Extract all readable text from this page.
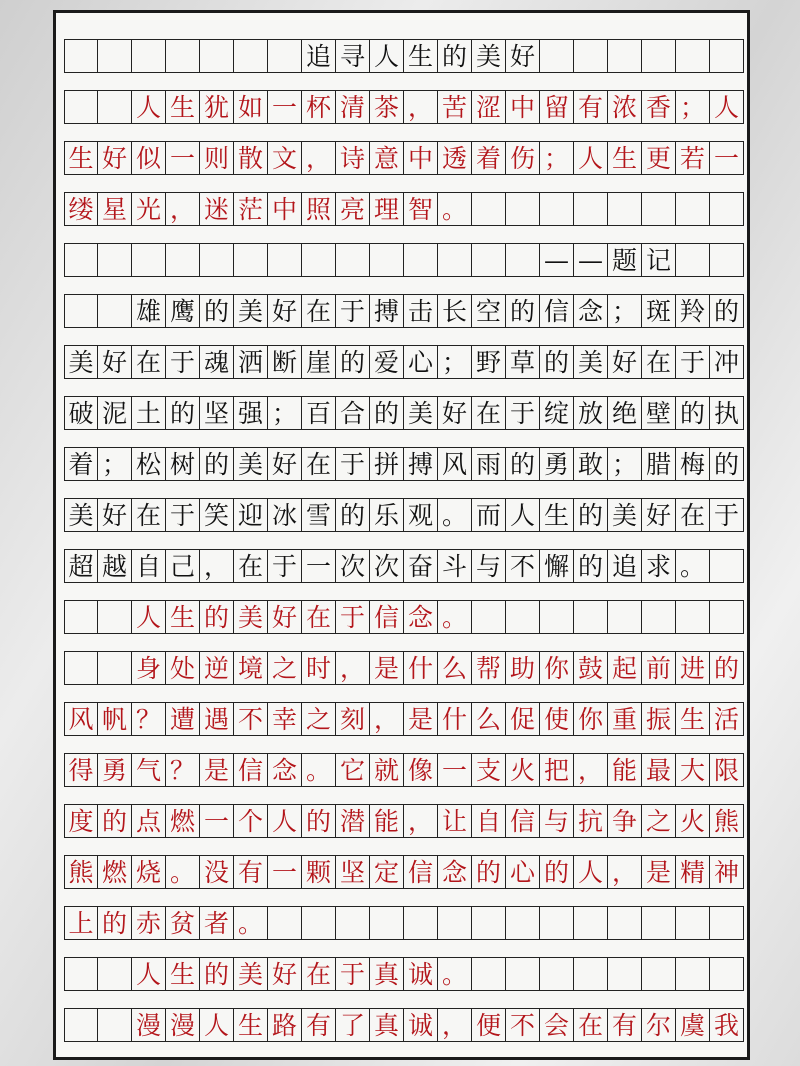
追 寻 人 生 的 美 好
人 生 犹 如 一 杯 清 茶 ， 苦 涩 中 留 有 浓 香 ； 人
生 好 似 一 则 散 文 ， 诗 意 中 透 着 伤 ； 人 生 更 若 一
缕 星 光 ， 迷 茫 中 照 亮 理 智 。
— — 题 记
雄 鹰 的 美 好 在 于 搏 击 长 空 的 信 念 ； 斑 羚 的
美 好 在 于 魂 洒 断 崖 的 爱 心 ； 野 草 的 美 好 在 于 冲
破 泥 土 的 坚 强 ； 百 合 的 美 好 在 于 绽 放 绝 壁 的 执
着 ； 松 树 的 美 好 在 于 拼 搏 风 雨 的 勇 敢 ； 腊 梅 的
美 好 在 于 笑 迎 冰 雪 的 乐 观 。 而 人 生 的 美 好 在 于
超 越 自 己 ， 在 于 一 次 次 奋 斗 与 不 懈 的 追 求 。
人 生 的 美 好 在 于 信 念 。
身 处 逆 境 之 时 ， 是 什 么 帮 助 你 鼓 起 前 进 的
风 帆 ？ 遭 遇 不 幸 之 刻 ， 是 什 么 促 使 你 重 振 生 活
得 勇 气 ？ 是 信 念 。 它 就 像 一 支 火 把 ， 能 最 大 限
度 的 点 燃 一 个 人 的 潜 能 ， 让 自 信 与 抗 争 之 火 熊
熊 燃 烧 。 没 有 一 颗 坚 定 信 念 的 心 的 人 ， 是 精 神
上 的 赤 贫 者 。
人 生 的 美 好 在 于 真 诚 。
漫 漫 人 生 路 有 了 真 诚 ， 便 不 会 在 有 尔 虞 我
